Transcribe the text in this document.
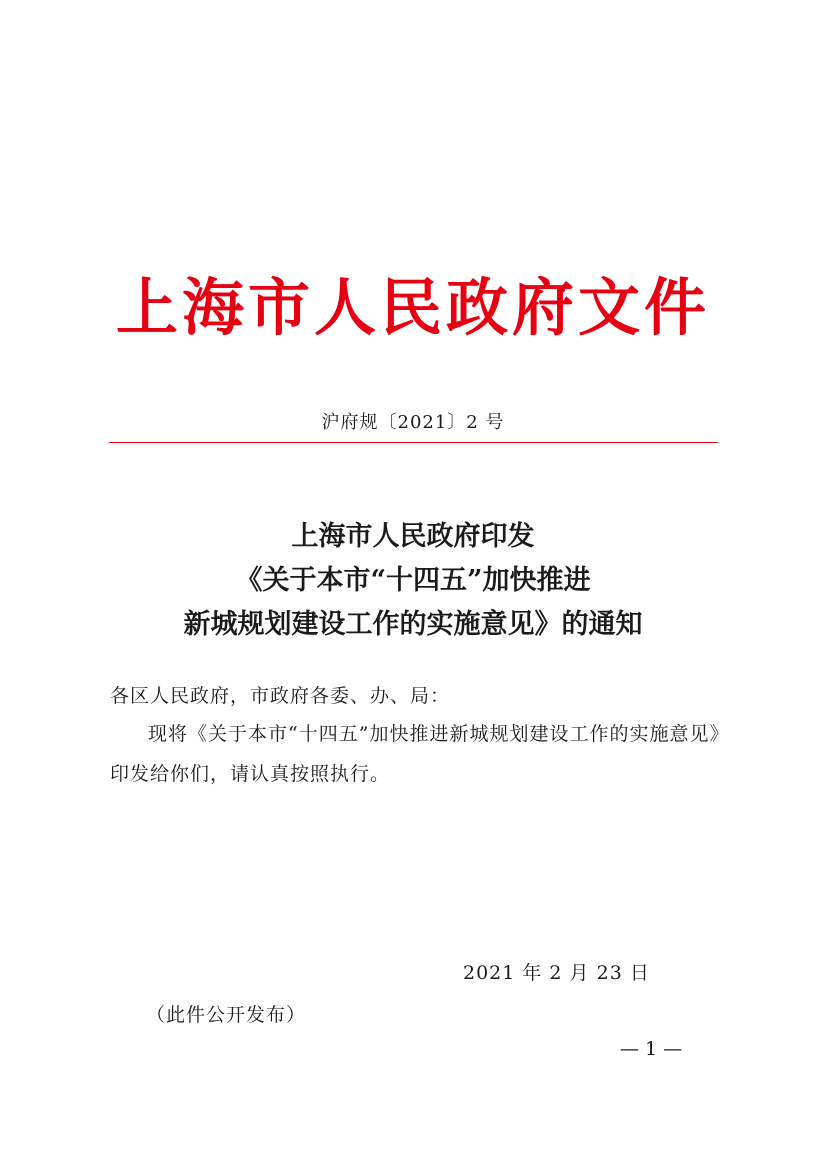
上海市人民政府文件
沪府规〔2021〕2 号
上海市人民政府印发
《关于本市“十四五”加快推进
新城规划建设工作的实施意见》的通知
各区人民政府，市政府各委、办、局：
现将《关于本市“十四五”加快推进新城规划建设工作的实施意见》印发给你们，请认真按照执行。
2021 年 2 月 23 日
（此件公开发布）
— 1 —
